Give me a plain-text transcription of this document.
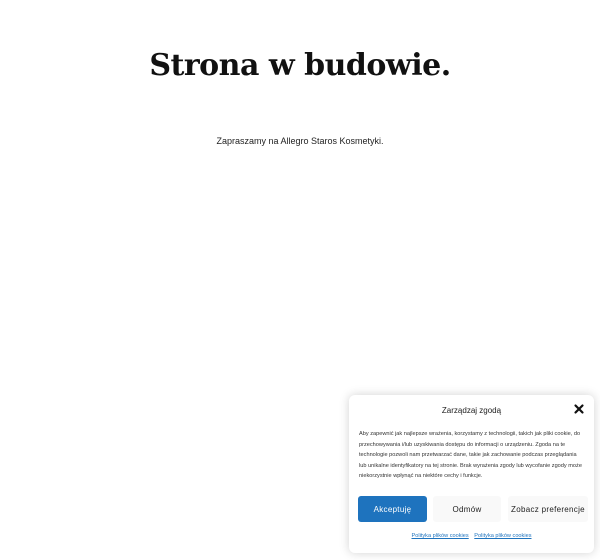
Strona w budowie.

Zapraszamy na Allegro Staros Kosmetyki.

Zarządzaj zgodą

Aby zapewnić jak najlepsze wrażenia, korzystamy z technologii, takich jak pliki cookie, do przechowywania i/lub uzyskiwania dostępu do informacji o urządzeniu. Zgoda na te technologie pozwoli nam przetwarzać dane, takie jak zachowanie podczas przeglądania lub unikalne identyfikatory na tej stronie. Brak wyrażenia zgody lub wycofanie zgody może niekorzystnie wpłynąć na niektóre cechy i funkcje.

Akceptuję	Odmów	Zobacz preferencje
Polityka plików cookies Polityka plików cookies
